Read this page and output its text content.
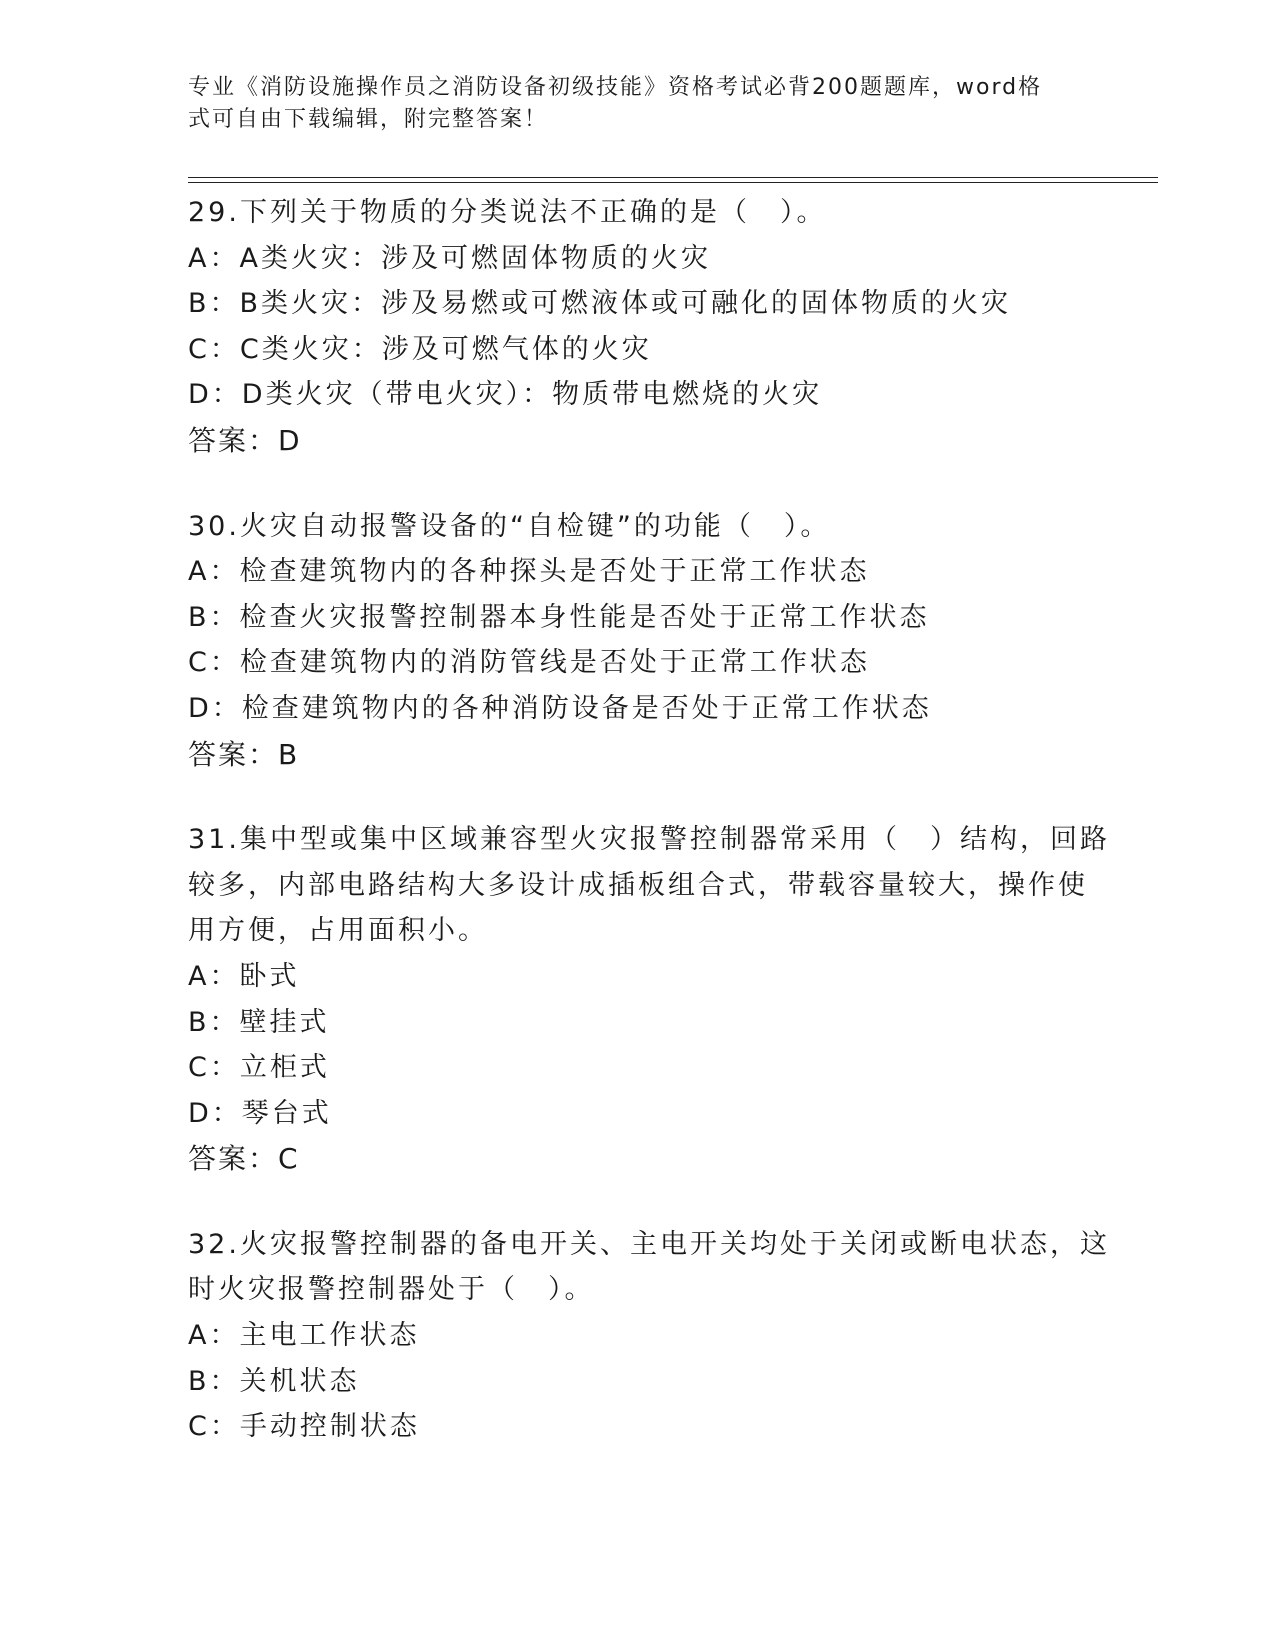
专业《消防设施操作员之消防设备初级技能》资格考试必背200题题库，word格
式可自由下载编辑，附完整答案！
29.下列关于物质的分类说法不正确的是（　）。
A：A类火灾：涉及可燃固体物质的火灾
B：B类火灾：涉及易燃或可燃液体或可融化的固体物质的火灾
C：C类火灾：涉及可燃气体的火灾
D：D类火灾（带电火灾）：物质带电燃烧的火灾
答案：D
30.火灾自动报警设备的“自检键”的功能（　）。
A：检查建筑物内的各种探头是否处于正常工作状态
B：检查火灾报警控制器本身性能是否处于正常工作状态
C：检查建筑物内的消防管线是否处于正常工作状态
D：检查建筑物内的各种消防设备是否处于正常工作状态
答案：B
31.集中型或集中区域兼容型火灾报警控制器常采用（　）结构，回路
较多，内部电路结构大多设计成插板组合式，带载容量较大，操作使
用方便，占用面积小。
A：卧式
B：壁挂式
C：立柜式
D：琴台式
答案：C
32.火灾报警控制器的备电开关、主电开关均处于关闭或断电状态，这
时火灾报警控制器处于（　）。
A：主电工作状态
B：关机状态
C：手动控制状态
